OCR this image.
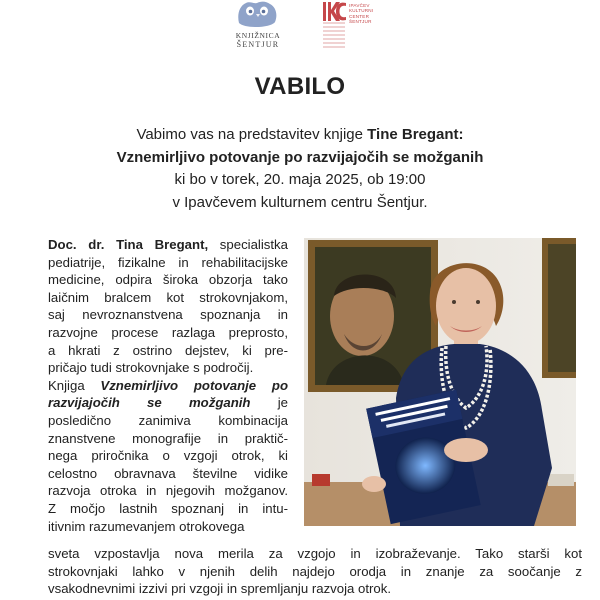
KNJIŽNICA
ŠENTJUR
IPAVČEV
KULTURNI
CENTER
ŠENTJUR
VABILO
Vabimo vas na predstavitev knjige Tine Bregant:
Vznemirljivo potovanje po razvijajočih se možganih
ki bo v torek, 20. maja 2025, ob 19:00
v Ipavčevem kulturnem centru Šentjur.
Doc. dr. Tina Bregant, specialistka
pediatrije, fizikalne in rehabilitacijske
medicine, odpira široka obzorja tako
laičnim bralcem kot strokovnjakom,
saj nevroznanstvena spoznanja in
razvojne procese razlaga preprosto,
a hkrati z ostrino dejstev, ki pre-
pričajo tudi strokovnjake s področij.
Knjiga Vznemirljivo potovanje po
razvijajočih se možganih je
posledično zanimiva kombinacija
znanstvene monografije in praktič-
nega priročnika o vzgoji otrok, ki
celostno obravnava številne vidike
razvoja otroka in njegovih možganov.
Z močjo lastnih spoznanj in intu-
itivnim razumevanjem otrokovega
sveta vzpostavlja nova merila za vzgojo in izobraževanje. Tako starši kot
strokovnjaki lahko v njenih delih najdejo orodja in znanje za soočanje z
vsakodnevnimi izzivi pri vzgoji in spremljanju razvoja otrok.
